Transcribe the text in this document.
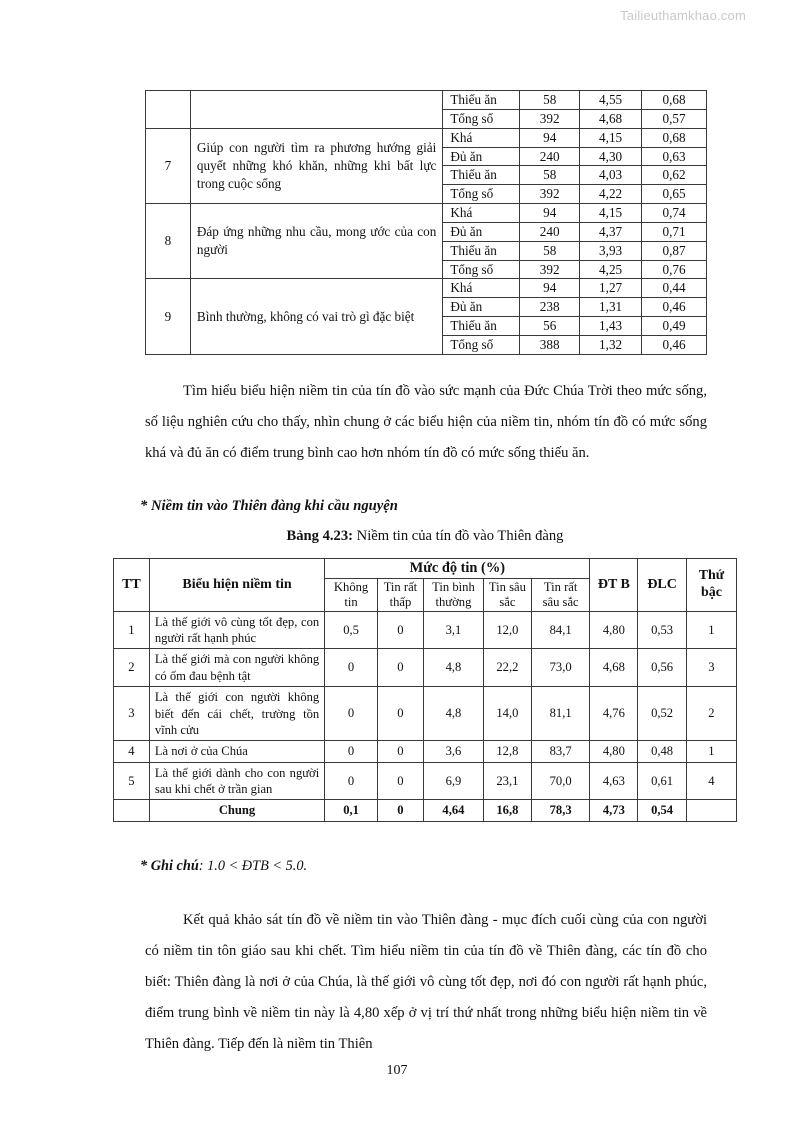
Tailieuthamkhao.com
		Thiếu ăn	58	4,55	0,68
		Tổng số	392	4,68	0,57
7	Giúp con người tìm ra phương hướng giải quyết những khó khăn, những khi bất lực trong cuộc sống	Khá	94	4,15	0,68
		Đủ ăn	240	4,30	0,63
		Thiếu ăn	58	4,03	0,62
		Tổng số	392	4,22	0,65
8	Đáp ứng những nhu cầu, mong ước của con người	Khá	94	4,15	0,74
		Đủ ăn	240	4,37	0,71
		Thiếu ăn	58	3,93	0,87
		Tổng số	392	4,25	0,76
9	Bình thường, không có vai trò gì đặc biệt	Khá	94	1,27	0,44
		Đủ ăn	238	1,31	0,46
		Thiếu ăn	56	1,43	0,49
		Tổng số	388	1,32	0,46

Tìm hiểu biểu hiện niềm tin của tín đồ vào sức mạnh của Đức Chúa Trời theo mức sống, số liệu nghiên cứu cho thấy, nhìn chung ở các biểu hiện của niềm tin, nhóm tín đồ có mức sống khá và đủ ăn có điểm trung bình cao hơn nhóm tín đồ có mức sống thiếu ăn.

* Niềm tin vào Thiên đàng khi cầu nguyện
Bảng 4.23: Niềm tin của tín đồ vào Thiên đàng
TT	Biểu hiện niềm tin	Mức độ tin (%)					ĐT B	ĐLC	Thứ bậc
		Không tin	Tin rất thấp	Tin bình thường	Tin sâu sắc	Tin rất sâu sắc			
1	Là thế giới vô cùng tốt đẹp, con người rất hạnh phúc	0,5	0	3,1	12,0	84,1	4,80	0,53	1
2	Là thế giới mà con người không có ốm đau bệnh tật	0	0	4,8	22,2	73,0	4,68	0,56	3
3	Là thế giới con người không biết đến cái chết, trường tồn vĩnh cửu	0	0	4,8	14,0	81,1	4,76	0,52	2
4	Là nơi ở của Chúa	0	0	3,6	12,8	83,7	4,80	0,48	1
5	Là thế giới dành cho con người sau khi chết ở trần gian	0	0	6,9	23,1	70,0	4,63	0,61	4
	Chung	0,1	0	4,64	16,8	78,3	4,73	0,54	
* Ghi chú: 1.0 < ĐTB < 5.0.

Kết quả khảo sát tín đồ về niềm tin vào Thiên đàng - mục đích cuối cùng của con người có niềm tin tôn giáo sau khi chết. Tìm hiểu niềm tin của tín đồ về Thiên đàng, các tín đồ cho biết: Thiên đàng là nơi ở của Chúa, là thế giới vô cùng tốt đẹp, nơi đó con người rất hạnh phúc, điểm trung bình về niềm tin này là 4,80 xếp ở vị trí thứ nhất trong những biểu hiện niềm tin về Thiên đàng. Tiếp đến là niềm tin Thiên

107
